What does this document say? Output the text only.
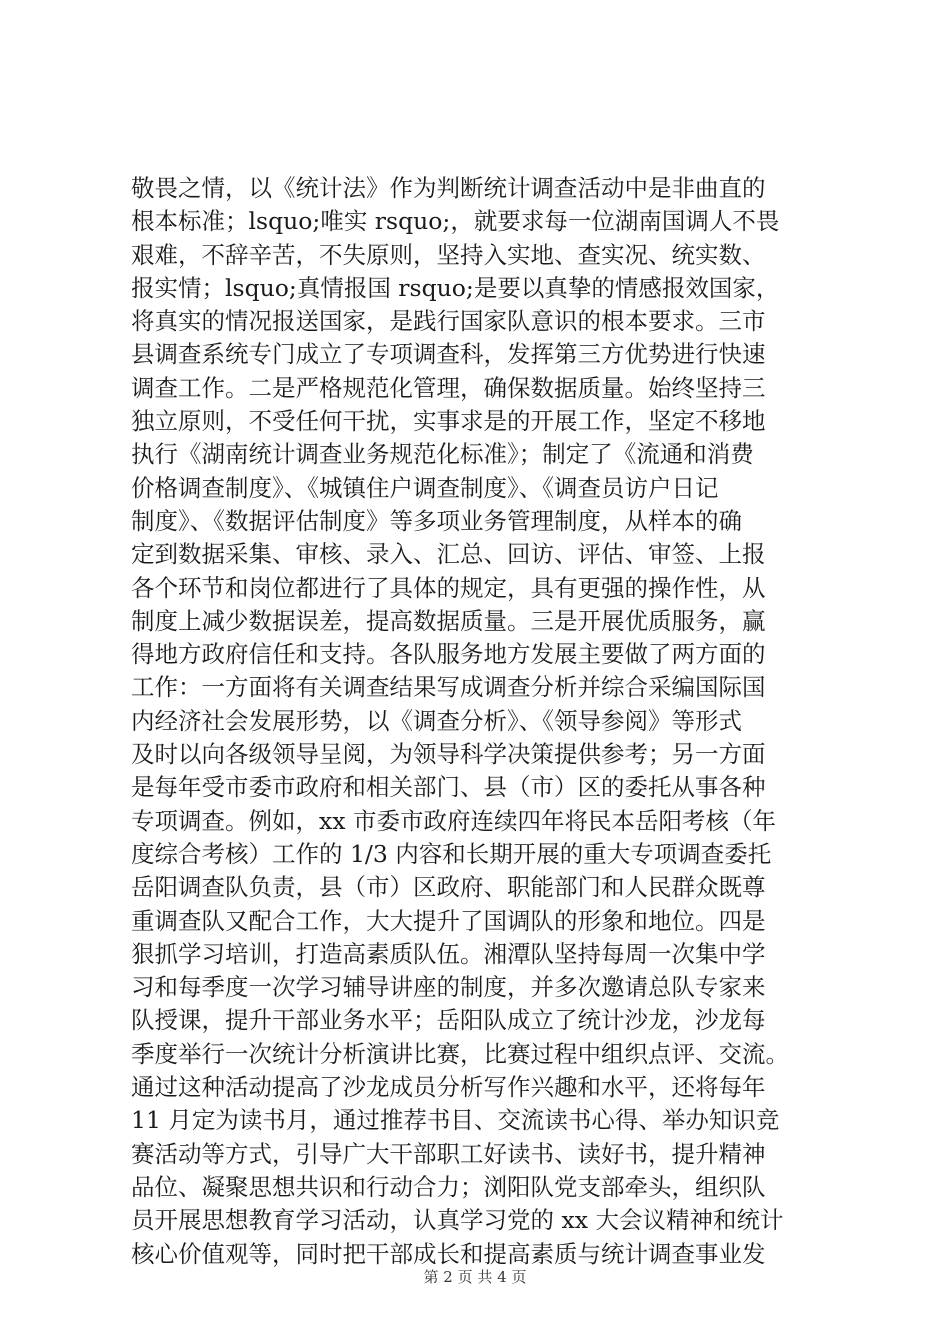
敬畏之情，以《统计法》作为判断统计调查活动中是非曲直的
根本标准；lsquo;唯实 rsquo;，就要求每一位湖南国调人不畏
艰难，不辞辛苦，不失原则，坚持入实地、查实况、统实数、
报实情；lsquo;真情报国 rsquo;是要以真挚的情感报效国家，
将真实的情况报送国家，是践行国家队意识的根本要求。三市
县调查系统专门成立了专项调查科，发挥第三方优势进行快速
调查工作。二是严格规范化管理，确保数据质量。始终坚持三
独立原则，不受任何干扰，实事求是的开展工作，坚定不移地
执行《湖南统计调查业务规范化标准》；制定了《流通和消费
价格调查制度》、《城镇住户调查制度》、《调查员访户日记
制度》、《数据评估制度》等多项业务管理制度，从样本的确
定到数据采集、审核、录入、汇总、回访、评估、审签、上报
各个环节和岗位都进行了具体的规定，具有更强的操作性，从
制度上减少数据误差，提高数据质量。三是开展优质服务，赢
得地方政府信任和支持。各队服务地方发展主要做了两方面的
工作：一方面将有关调查结果写成调查分析并综合采编国际国
内经济社会发展形势，以《调查分析》、《领导参阅》等形式
及时以向各级领导呈阅，为领导科学决策提供参考；另一方面
是每年受市委市政府和相关部门、县（市）区的委托从事各种
专项调查。例如，xx 市委市政府连续四年将民本岳阳考核（年
度综合考核）工作的 1/3 内容和长期开展的重大专项调查委托
岳阳调查队负责，县（市）区政府、职能部门和人民群众既尊
重调查队又配合工作，大大提升了国调队的形象和地位。四是
狠抓学习培训，打造高素质队伍。湘潭队坚持每周一次集中学
习和每季度一次学习辅导讲座的制度，并多次邀请总队专家来
队授课，提升干部业务水平；岳阳队成立了统计沙龙，沙龙每
季度举行一次统计分析演讲比赛，比赛过程中组织点评、交流。
通过这种活动提高了沙龙成员分析写作兴趣和水平，还将每年
11 月定为读书月，通过推荐书目、交流读书心得、举办知识竞
赛活动等方式，引导广大干部职工好读书、读好书，提升精神
品位、凝聚思想共识和行动合力；浏阳队党支部牵头，组织队
员开展思想教育学习活动，认真学习党的 xx 大会议精神和统计
核心价值观等，同时把干部成长和提高素质与统计调查事业发
第 2 页 共 4 页
